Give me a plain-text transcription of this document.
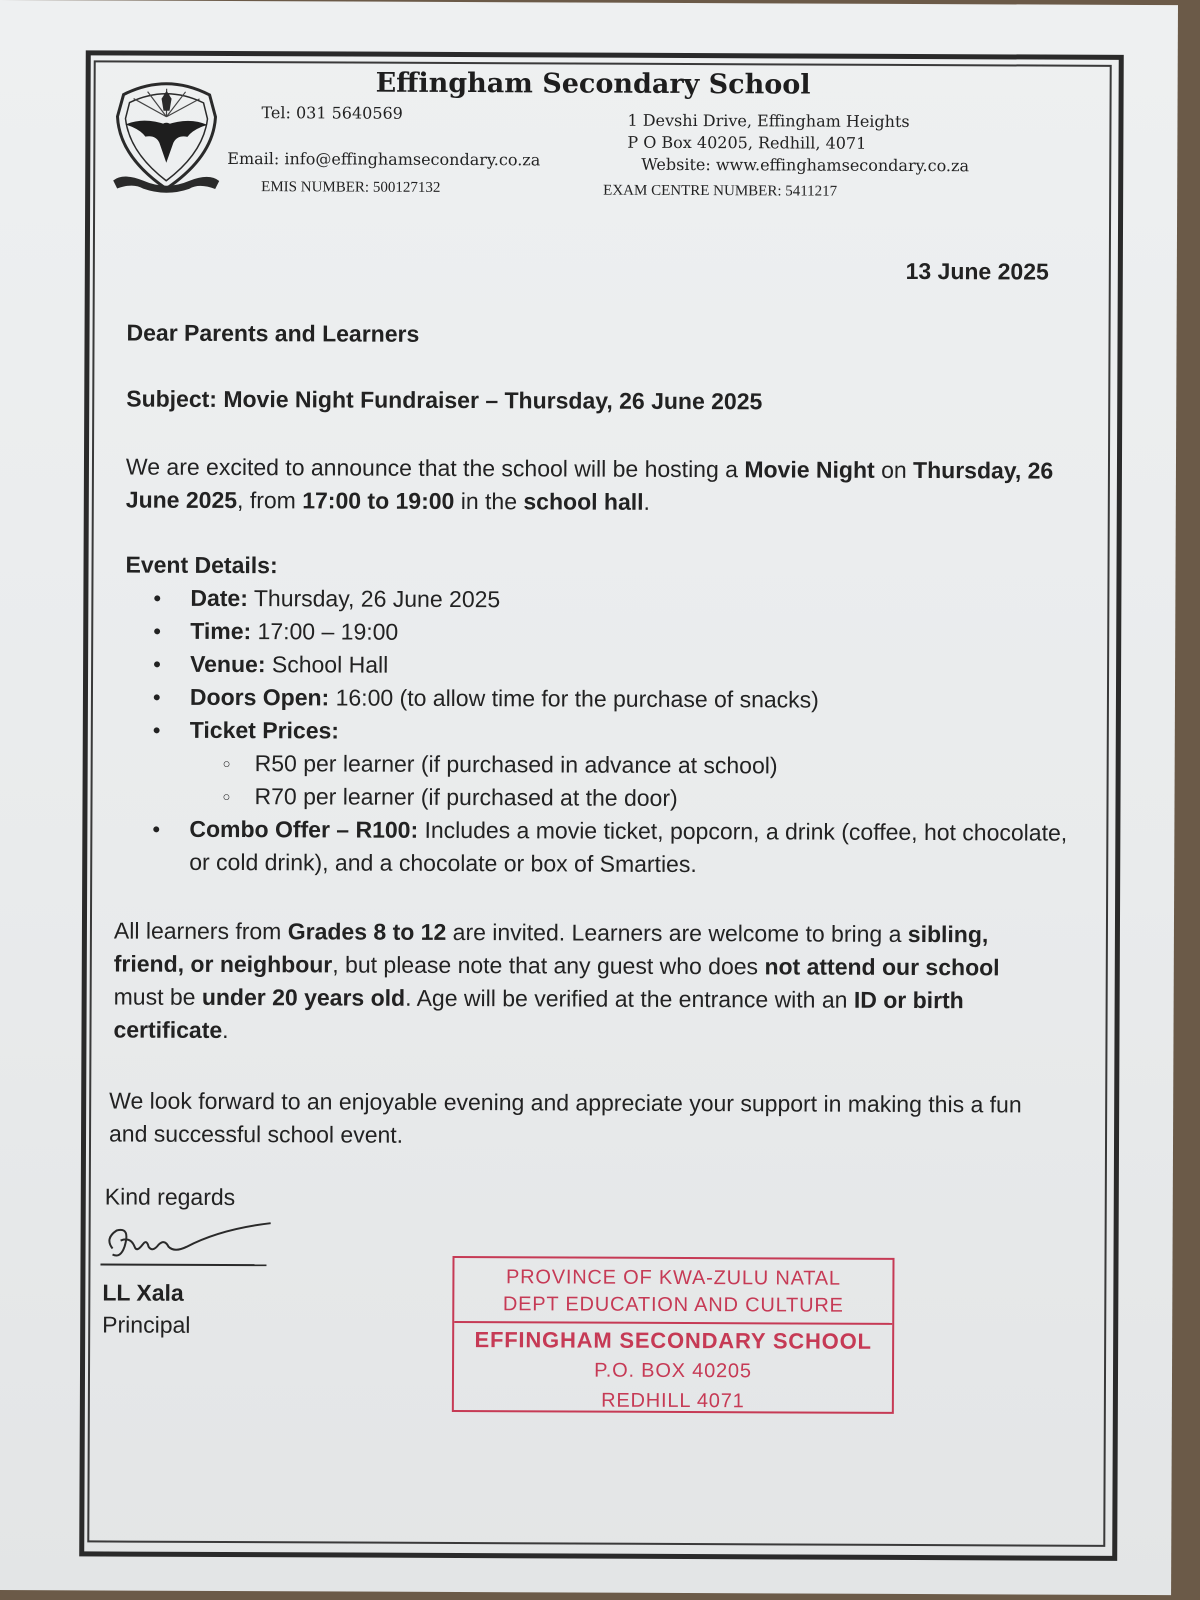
Effingham Secondary School
Tel: 031 5640569
Email: info@effinghamsecondary.co.za
EMIS NUMBER: 500127132
1 Devshi Drive, Effingham Heights
P O Box 40205, Redhill, 4071
Website: www.effinghamsecondary.co.za
EXAM CENTRE NUMBER: 5411217
13 June 2025
Dear Parents and Learners
Subject: Movie Night Fundraiser – Thursday, 26 June 2025
We are excited to announce that the school will be hosting a Movie Night on Thursday, 26 June 2025, from 17:00 to 19:00 in the school hall.
Event Details:
• Date: Thursday, 26 June 2025
• Time: 17:00 – 19:00
• Venue: School Hall
• Doors Open: 16:00 (to allow time for the purchase of snacks)
• Ticket Prices:
○ R50 per learner (if purchased in advance at school)
○ R70 per learner (if purchased at the door)
• Combo Offer – R100: Includes a movie ticket, popcorn, a drink (coffee, hot chocolate, or cold drink), and a chocolate or box of Smarties.
All learners from Grades 8 to 12 are invited. Learners are welcome to bring a sibling, friend, or neighbour, but please note that any guest who does not attend our school must be under 20 years old. Age will be verified at the entrance with an ID or birth certificate.
We look forward to an enjoyable evening and appreciate your support in making this a fun and successful school event.
Kind regards
LL Xala
Principal
PROVINCE OF KWA-ZULU NATAL
DEPT EDUCATION AND CULTURE
EFFINGHAM SECONDARY SCHOOL
P.O. BOX 40205
REDHILL 4071
